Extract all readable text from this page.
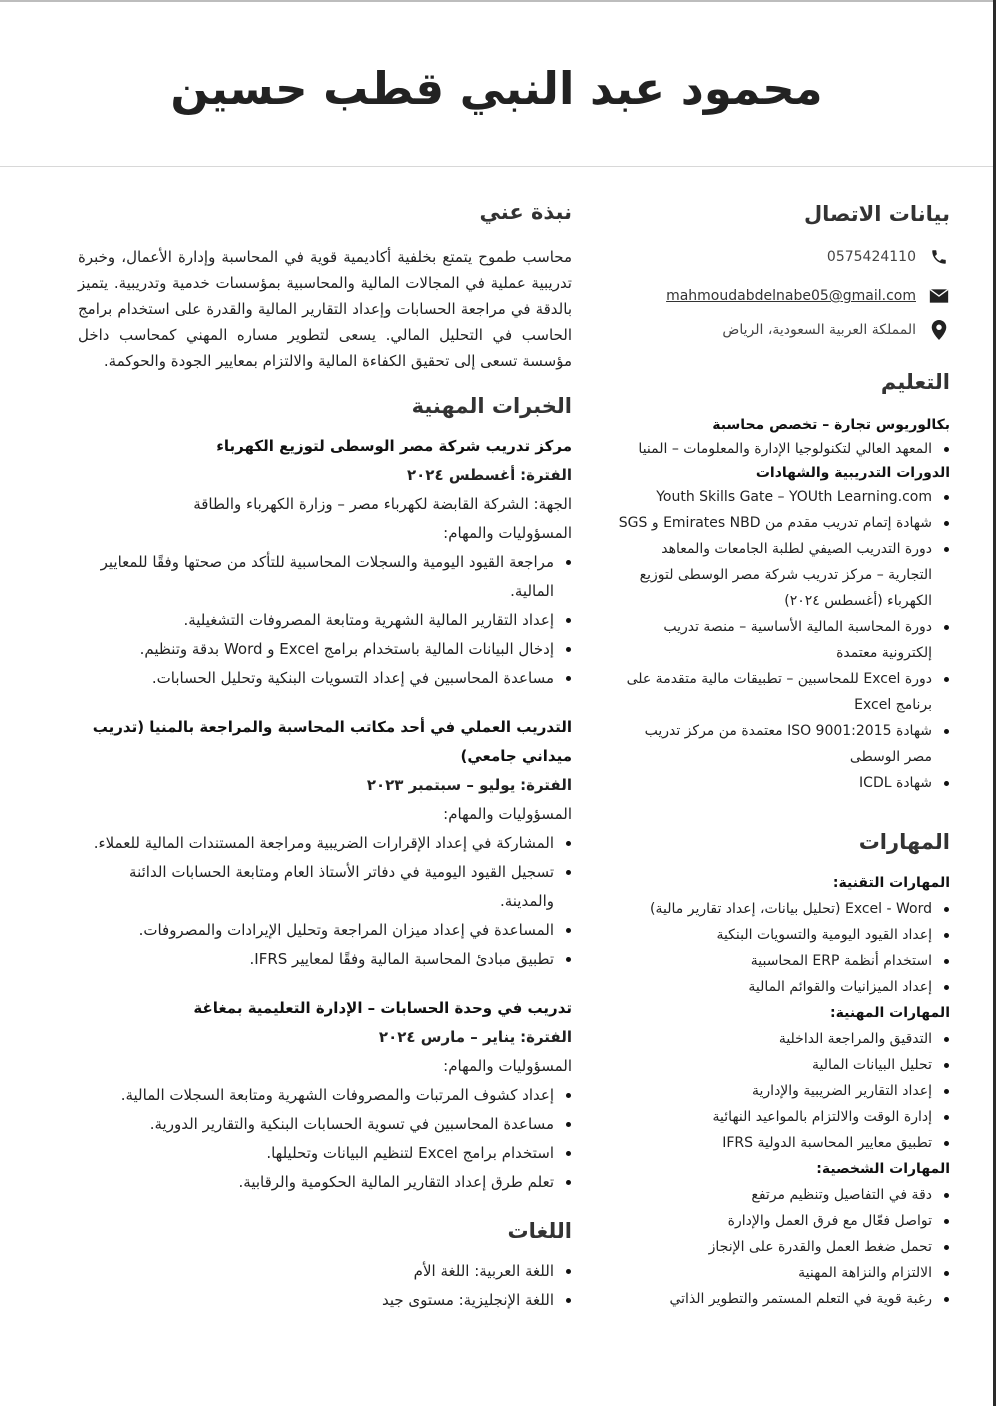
محمود عبد النبي قطب حسين
بيانات الاتصال
0575424110
mahmoudabdelnabe05@gmail.com
المملكة العربية السعودية، الرياض
التعليم
بكالوريوس تجارة – تخصص محاسبة
المعهد العالي لتكنولوجيا الإدارة والمعلومات – المنيا
الدورات التدريبية والشهادات
Youth Skills Gate – YOUth Learning.com
شهادة إتمام تدريب مقدم من Emirates NBD و SGS
دورة التدريب الصيفي لطلبة الجامعات والمعاهد التجارية – مركز تدريب شركة مصر الوسطى لتوزيع الكهرباء (أغسطس ٢٠٢٤)
دورة المحاسبة المالية الأساسية – منصة تدريب إلكترونية معتمدة
دورة Excel للمحاسبين – تطبيقات مالية متقدمة على برنامج Excel
شهادة ISO 9001:2015 معتمدة من مركز تدريب مصر الوسطى
شهادة ICDL
المهارات
المهارات التقنية:
Excel - Word (تحليل بيانات، إعداد تقارير مالية)
إعداد القيود اليومية والتسويات البنكية
استخدام أنظمة ERP المحاسبية
إعداد الميزانيات والقوائم المالية
المهارات المهنية:
التدقيق والمراجعة الداخلية
تحليل البيانات المالية
إعداد التقارير الضريبية والإدارية
إدارة الوقت والالتزام بالمواعيد النهائية
تطبيق معايير المحاسبة الدولية IFRS
المهارات الشخصية:
دقة في التفاصيل وتنظيم مرتفع
تواصل فعّال مع فرق العمل والإدارة
تحمل ضغط العمل والقدرة على الإنجاز
الالتزام والنزاهة المهنية
رغبة قوية في التعلم المستمر والتطوير الذاتي
نبذة عني

محاسب طموح يتمتع بخلفية أكاديمية قوية في المحاسبة وإدارة الأعمال، وخبرة تدريبية عملية في المجالات المالية والمحاسبية بمؤسسات خدمية وتدريبية. يتميز بالدقة في مراجعة الحسابات وإعداد التقارير المالية والقدرة على استخدام برامج الحاسب في التحليل المالي. يسعى لتطوير مساره المهني كمحاسب داخل مؤسسة تسعى إلى تحقيق الكفاءة المالية والالتزام بمعايير الجودة والحوكمة.

الخبرات المهنية
مركز تدريب شركة مصر الوسطى لتوزيع الكهرباء
الفترة: أغسطس ٢٠٢٤
الجهة: الشركة القابضة لكهرباء مصر – وزارة الكهرباء والطاقة
المسؤوليات والمهام:
مراجعة القيود اليومية والسجلات المحاسبية للتأكد من صحتها وفقًا للمعايير المالية.
إعداد التقارير المالية الشهرية ومتابعة المصروفات التشغيلية.
إدخال البيانات المالية باستخدام برامج Excel و Word بدقة وتنظيم.
مساعدة المحاسبين في إعداد التسويات البنكية وتحليل الحسابات.
التدريب العملي في أحد مكاتب المحاسبة والمراجعة بالمنيا (تدريب ميداني جامعي)
الفترة: يوليو – سبتمبر ٢٠٢٣
المسؤوليات والمهام:
المشاركة في إعداد الإقرارات الضريبية ومراجعة المستندات المالية للعملاء.
تسجيل القيود اليومية في دفاتر الأستاذ العام ومتابعة الحسابات الدائنة والمدينة.
المساعدة في إعداد ميزان المراجعة وتحليل الإيرادات والمصروفات.
تطبيق مبادئ المحاسبة المالية وفقًا لمعايير IFRS.
تدريب في وحدة الحسابات – الإدارة التعليمية بمغاغة
الفترة: يناير – مارس ٢٠٢٤
المسؤوليات والمهام:
إعداد كشوف المرتبات والمصروفات الشهرية ومتابعة السجلات المالية.
مساعدة المحاسبين في تسوية الحسابات البنكية والتقارير الدورية.
استخدام برامج Excel لتنظيم البيانات وتحليلها.
تعلم طرق إعداد التقارير المالية الحكومية والرقابية.
اللغات
اللغة العربية: اللغة الأم
اللغة الإنجليزية: مستوى جيد
